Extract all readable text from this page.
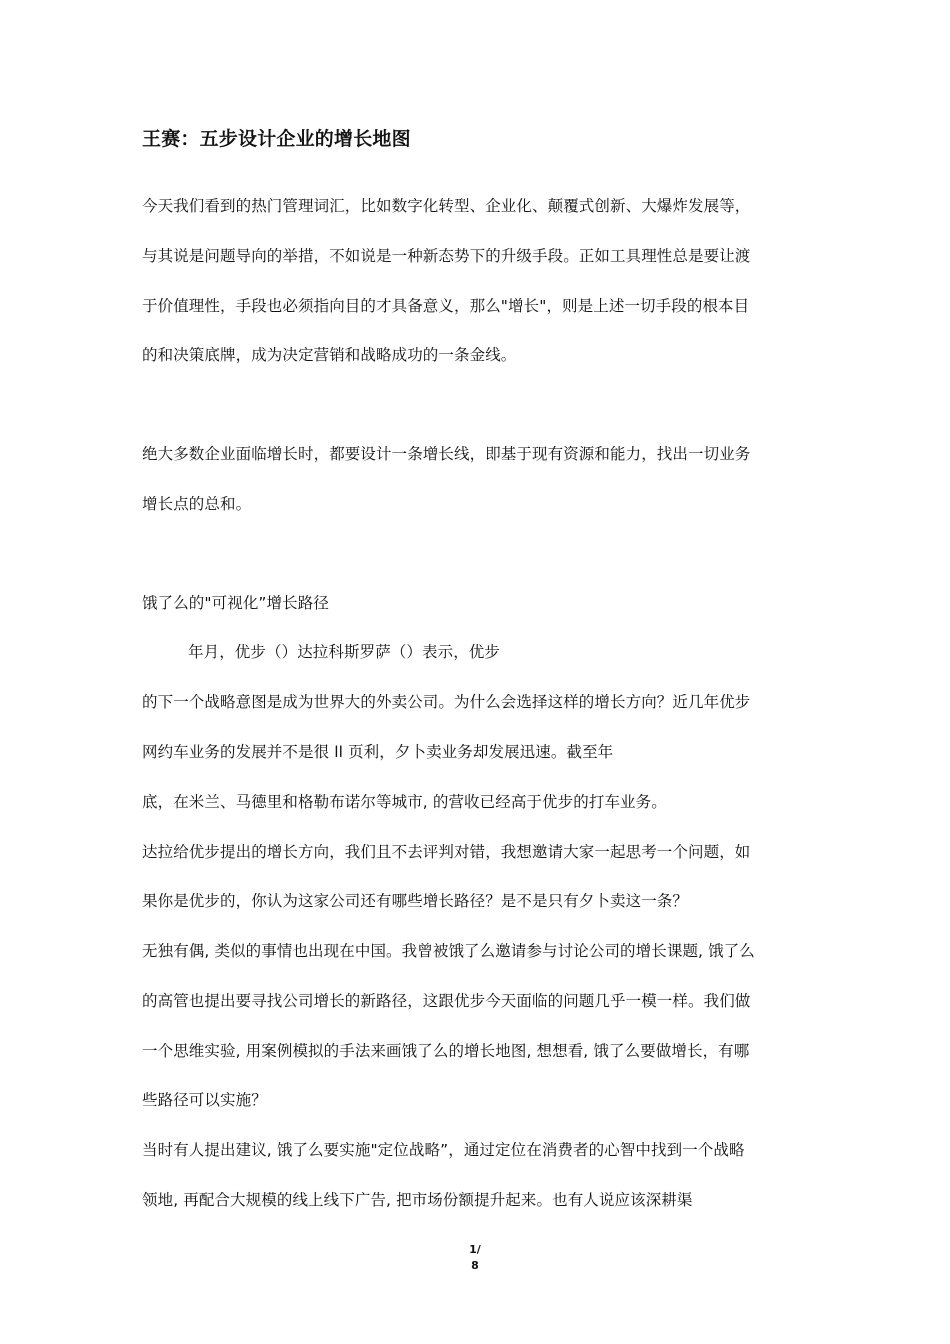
王赛：五步设计企业的增长地图
今天我们看到的热门管理词汇，比如数字化转型、企业化、颠覆式创新、大爆炸发展等，
与其说是问题导向的举措，不如说是一种新态势下的升级手段。正如工具理性总是要让渡
于价值理性，手段也必须指向目的才具备意义，那么"增长"，则是上述一切手段的根本目
的和决策底牌，成为决定营销和战略成功的一条金线。
绝大多数企业面临增长时，都要设计一条增长线，即基于现有资源和能力，找出一切业务
增长点的总和。
饿了么的"可视化”增长路径
年月，优步（）达拉科斯罗萨（）表示，优步
的下一个战略意图是成为世界大的外卖公司。为什么会选择这样的增长方向？近几年优步
网约车业务的发展并不是很 ll 页利，夕卜卖业务却发展迅速。截至年
底，在米兰、马德里和格勒布诺尔等城市, 的营收已经高于优步的打车业务。
达拉给优步提出的增长方向，我们且不去评判对错，我想邀请大家一起思考一个问题，如
果你是优步的，你认为这家公司还有哪些增长路径？是不是只有夕卜卖这一条？
无独有偶, 类似的事情也出现在中国。我曾被饿了么邀请参与讨论公司的增长课题, 饿了么
的高管也提出要寻找公司增长的新路径，这跟优步今天面临的问题几乎一模一样。我们做
一个思维实验, 用案例模拟的手法来画饿了么的增长地图, 想想看, 饿了么要做增长，有哪
些路径可以实施？
当时有人提出建议, 饿了么要实施"定位战略”，通过定位在消费者的心智中找到一个战略
领地, 再配合大规模的线上线下广告, 把市场份额提升起来。也有人说应该深耕渠
1/
8
